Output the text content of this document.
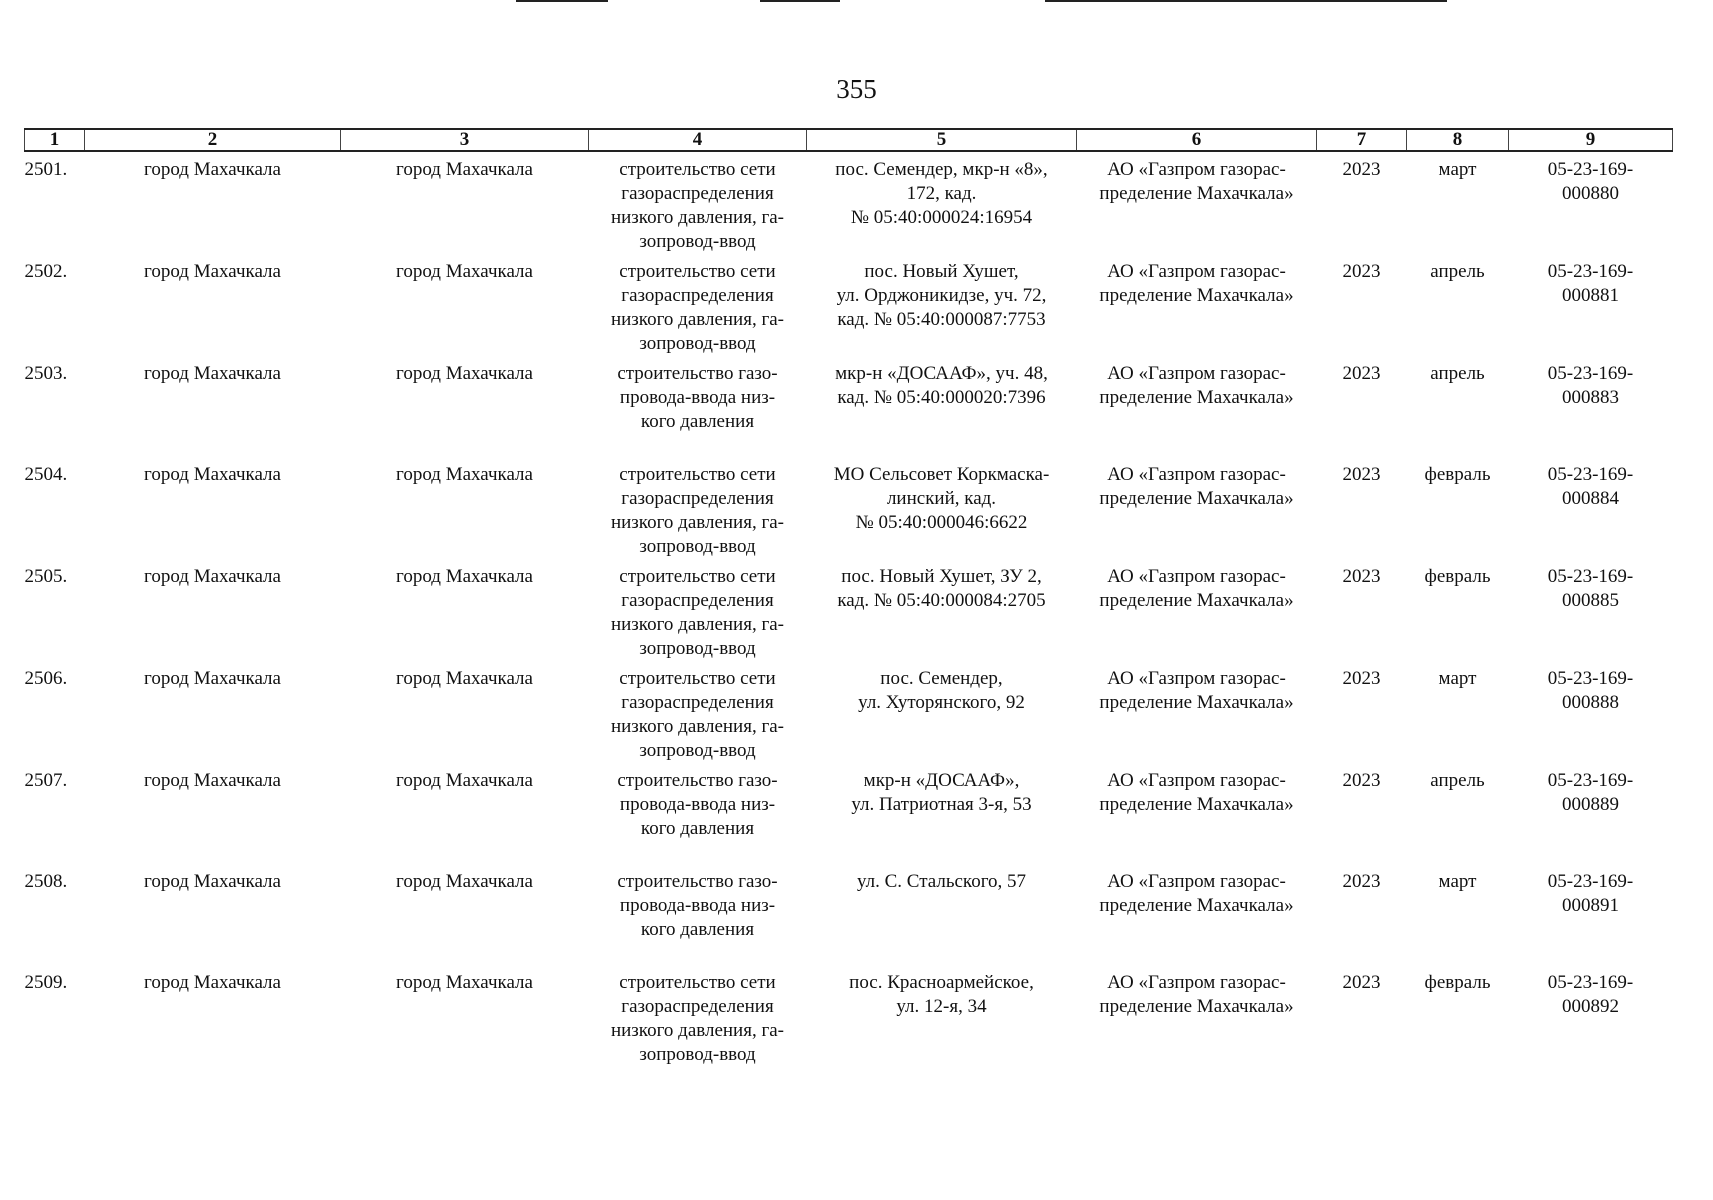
355
1	2	3	4	5	6	7	8	9

2501.	город Махачкала	город Махачкала	строительство сети
газораспределения
низкого давления, га-
зопровод-ввод	пос. Семендер, мкр-н «8»,
172, кад.
№ 05:40:000024:16954	АО «Газпром газорас-
пределение Махачкала»	2023	март	05-23-169-
000880

2502.	город Махачкала	город Махачкала	строительство сети
газораспределения
низкого давления, га-
зопровод-ввод	пос. Новый Хушет,
ул. Орджоникидзе, уч. 72,
кад. № 05:40:000087:7753	АО «Газпром газорас-
пределение Махачкала»	2023	апрель	05-23-169-
000881

2503.	город Махачкала	город Махачкала	строительство газо-
провода-ввода низ-
кого давления	мкр-н «ДОСААФ», уч. 48,
кад. № 05:40:000020:7396	АО «Газпром газорас-
пределение Махачкала»	2023	апрель	05-23-169-
000883

2504.	город Махачкала	город Махачкала	строительство сети
газораспределения
низкого давления, га-
зопровод-ввод	МО Сельсовет Коркмаска-
линский, кад.
№ 05:40:000046:6622	АО «Газпром газорас-
пределение Махачкала»	2023	февраль	05-23-169-
000884

2505.	город Махачкала	город Махачкала	строительство сети
газораспределения
низкого давления, га-
зопровод-ввод	пос. Новый Хушет, ЗУ 2,
кад. № 05:40:000084:2705	АО «Газпром газорас-
пределение Махачкала»	2023	февраль	05-23-169-
000885

2506.	город Махачкала	город Махачкала	строительство сети
газораспределения
низкого давления, га-
зопровод-ввод	пос. Семендер,
ул. Хуторянского, 92	АО «Газпром газорас-
пределение Махачкала»	2023	март	05-23-169-
000888

2507.	город Махачкала	город Махачкала	строительство газо-
провода-ввода низ-
кого давления	мкр-н «ДОСААФ»,
ул. Патриотная 3-я, 53	АО «Газпром газорас-
пределение Махачкала»	2023	апрель	05-23-169-
000889

2508.	город Махачкала	город Махачкала	строительство газо-
провода-ввода низ-
кого давления	ул. С. Стальского, 57	АО «Газпром газорас-
пределение Махачкала»	2023	март	05-23-169-
000891

2509.	город Махачкала	город Махачкала	строительство сети
газораспределения
низкого давления, га-
зопровод-ввод	пос. Красноармейское,
ул. 12-я, 34	АО «Газпром газорас-
пределение Махачкала»	2023	февраль	05-23-169-
000892
